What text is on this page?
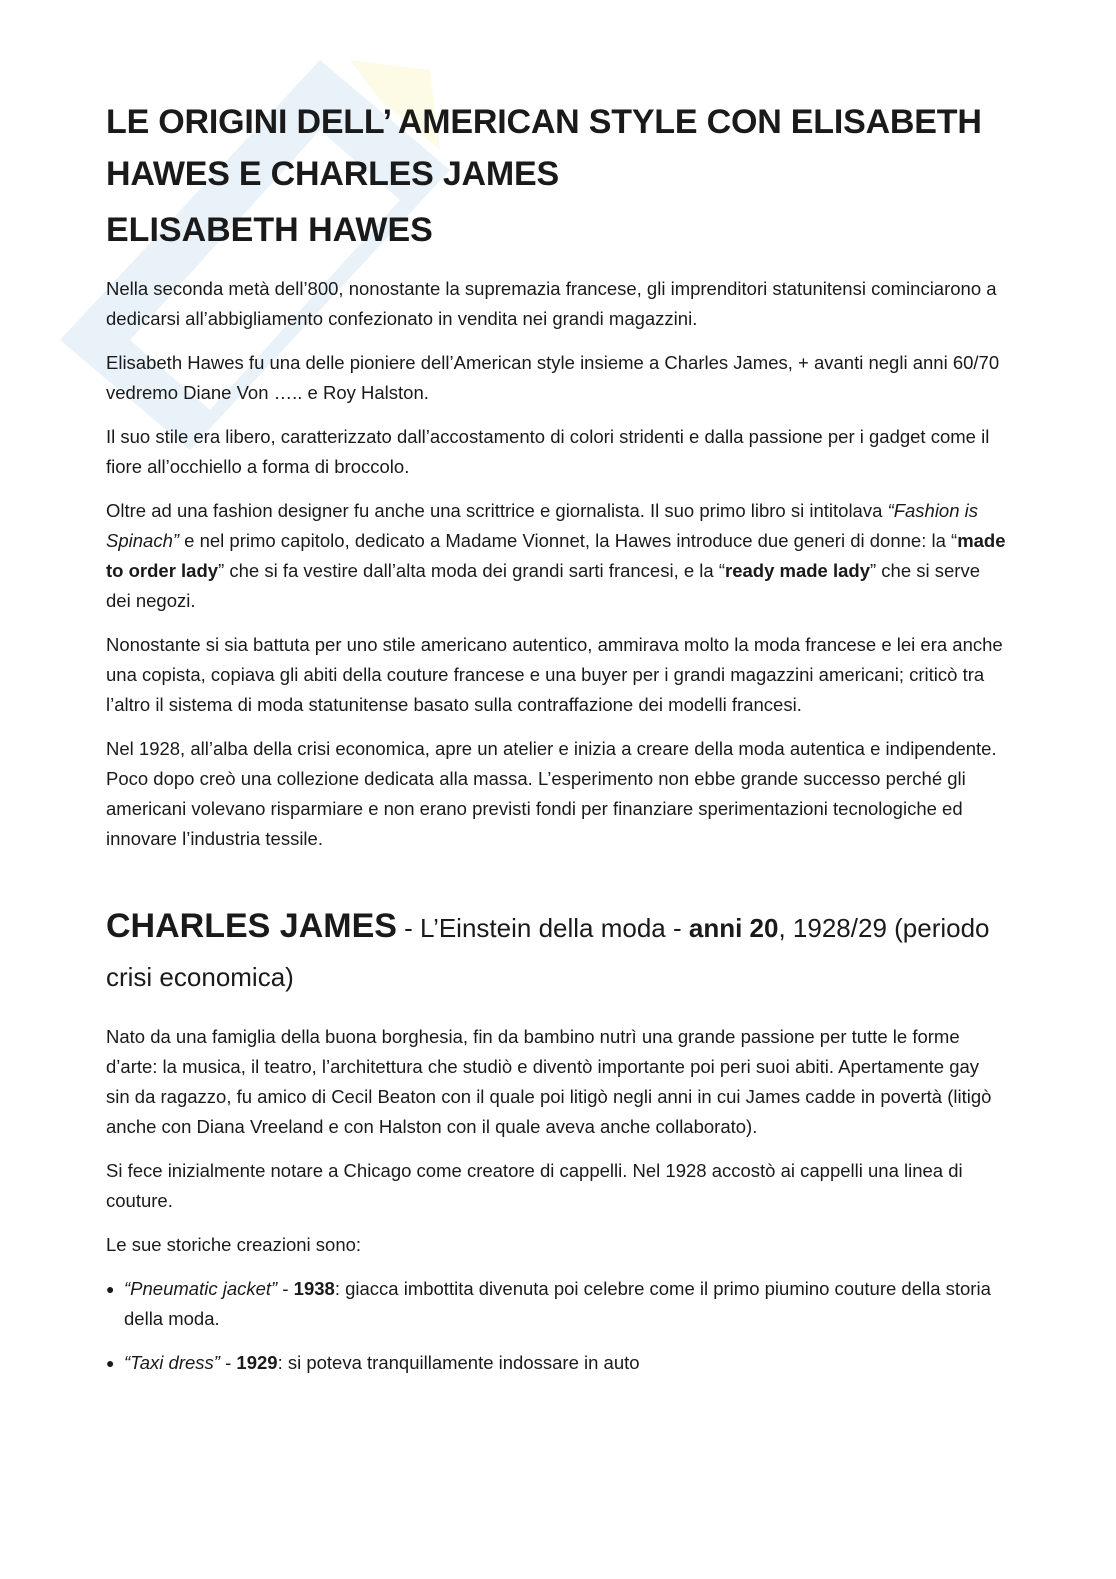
LE ORIGINI DELL’ AMERICAN STYLE CON ELISABETH HAWES E CHARLES JAMES
ELISABETH HAWES

Nella seconda metà dell’800, nonostante la supremazia francese, gli imprenditori statunitensi cominciarono a dedicarsi all’abbigliamento confezionato in vendita nei grandi magazzini.

Elisabeth Hawes fu una delle pioniere dell’American style insieme a Charles James, + avanti negli anni 60/70 vedremo Diane Von ….. e Roy Halston.

Il suo stile era libero, caratterizzato dall’accostamento di colori stridenti e dalla passione per i gadget come il fiore all’occhiello a forma di broccolo.

Oltre ad una fashion designer fu anche una scrittrice e giornalista. Il suo primo libro si intitolava “Fashion is Spinach” e nel primo capitolo, dedicato a Madame Vionnet, la Hawes introduce due generi di donne: la “made to order lady” che si fa vestire dall’alta moda dei grandi sarti francesi, e la “ready made lady” che si serve dei negozi.

Nonostante si sia battuta per uno stile americano autentico, ammirava molto la moda francese e lei era anche una copista, copiava gli abiti della couture francese e una buyer per i grandi magazzini americani; criticò tra l’altro il sistema di moda statunitense basato sulla contraffazione dei modelli francesi.

Nel 1928, all’alba della crisi economica, apre un atelier e inizia a creare della moda autentica e indipendente. Poco dopo creò una collezione dedicata alla massa. L’esperimento non ebbe grande successo perché gli americani volevano risparmiare e non erano previsti fondi per finanziare sperimentazioni tecnologiche ed innovare l’industria tessile.

CHARLES JAMES - L’Einstein della moda - anni 20, 1928/29 (periodo crisi economica)

Nato da una famiglia della buona borghesia, fin da bambino nutrì una grande passione per tutte le forme d’arte: la musica, il teatro, l’architettura che studiò e diventò importante poi peri suoi abiti. Apertamente gay sin da ragazzo, fu amico di Cecil Beaton con il quale poi litigò negli anni in cui James cadde in povertà (litigò anche con Diana Vreeland e con Halston con il quale aveva anche collaborato).

Si fece inizialmente notare a Chicago come creatore di cappelli. Nel 1928 accostò ai cappelli una linea di couture.

Le sue storiche creazioni sono:

● “Pneumatic jacket” - 1938: giacca imbottita divenuta poi celebre come il primo piumino couture della storia della moda.
● “Taxi dress” - 1929: si poteva tranquillamente indossare in auto
